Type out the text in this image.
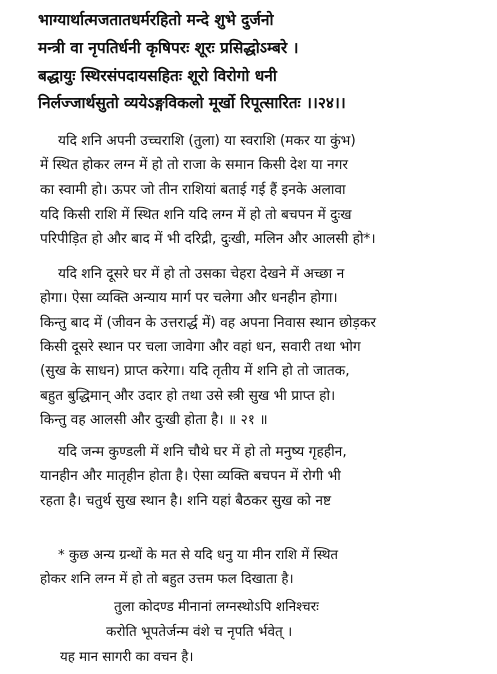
भाग्यार्थात्मजतातधर्मरहितो मन्दे शुभे दुर्जनो
मन्त्री वा नृपतिर्धनी कृषिपरः शूरः प्रसिद्धोऽम्बरे ।
बद्धायुः स्थिरसंपदायसहितः शूरो विरोगो धनी
निर्लज्जार्थसुतो व्ययेऽङ्गविकलो मूर्खो रिपूत्सारितः ।।२४।।
यदि शनि अपनी उच्चराशि (तुला) या स्वराशि (मकर या कुंभ)
में स्थित होकर लग्न में हो तो राजा के समान किसी देश या नगर
का स्वामी हो। ऊपर जो तीन राशियां बताई गई हैं इनके अलावा
यदि किसी राशि में स्थित शनि यदि लग्न में हो तो बचपन में दुःख
परिपीड़ित हो और बाद में भी दरिद्री, दुःखी, मलिन और आलसी हो*।
यदि शनि दूसरे घर में हो तो उसका चेहरा देखने में अच्छा न
होगा। ऐसा व्यक्ति अन्याय मार्ग पर चलेगा और धनहीन होगा।
किन्तु बाद में (जीवन के उत्तरार्द्ध में) वह अपना निवास स्थान छोड़कर
किसी दूसरे स्थान पर चला जावेगा और वहां धन, सवारी तथा भोग
(सुख के साधन) प्राप्त करेगा। यदि तृतीय में शनि हो तो जातक,
बहुत बुद्धिमान् और उदार हो तथा उसे स्त्री सुख भी प्राप्त हो।
किन्तु वह आलसी और दुःखी होता है। ॥ २१ ॥
यदि जन्म कुण्डली में शनि चौथे घर में हो तो मनुष्य गृहहीन,
यानहीन और मातृहीन होता है। ऐसा व्यक्ति बचपन में रोगी भी
रहता है। चतुर्थ सुख स्थान है। शनि यहां बैठकर सुख को नष्ट
* कुछ अन्य ग्रन्थों के मत से यदि धनु या मीन राशि में स्थित
होकर शनि लग्न में हो तो बहुत उत्तम फल दिखाता है।
तुला कोदण्ड मीनानां लग्नस्थोऽपि शनिश्चरः
करोति भूपतेर्जन्म वंशे च नृपति र्भवेत् ।
यह मान सागरी का वचन है।
